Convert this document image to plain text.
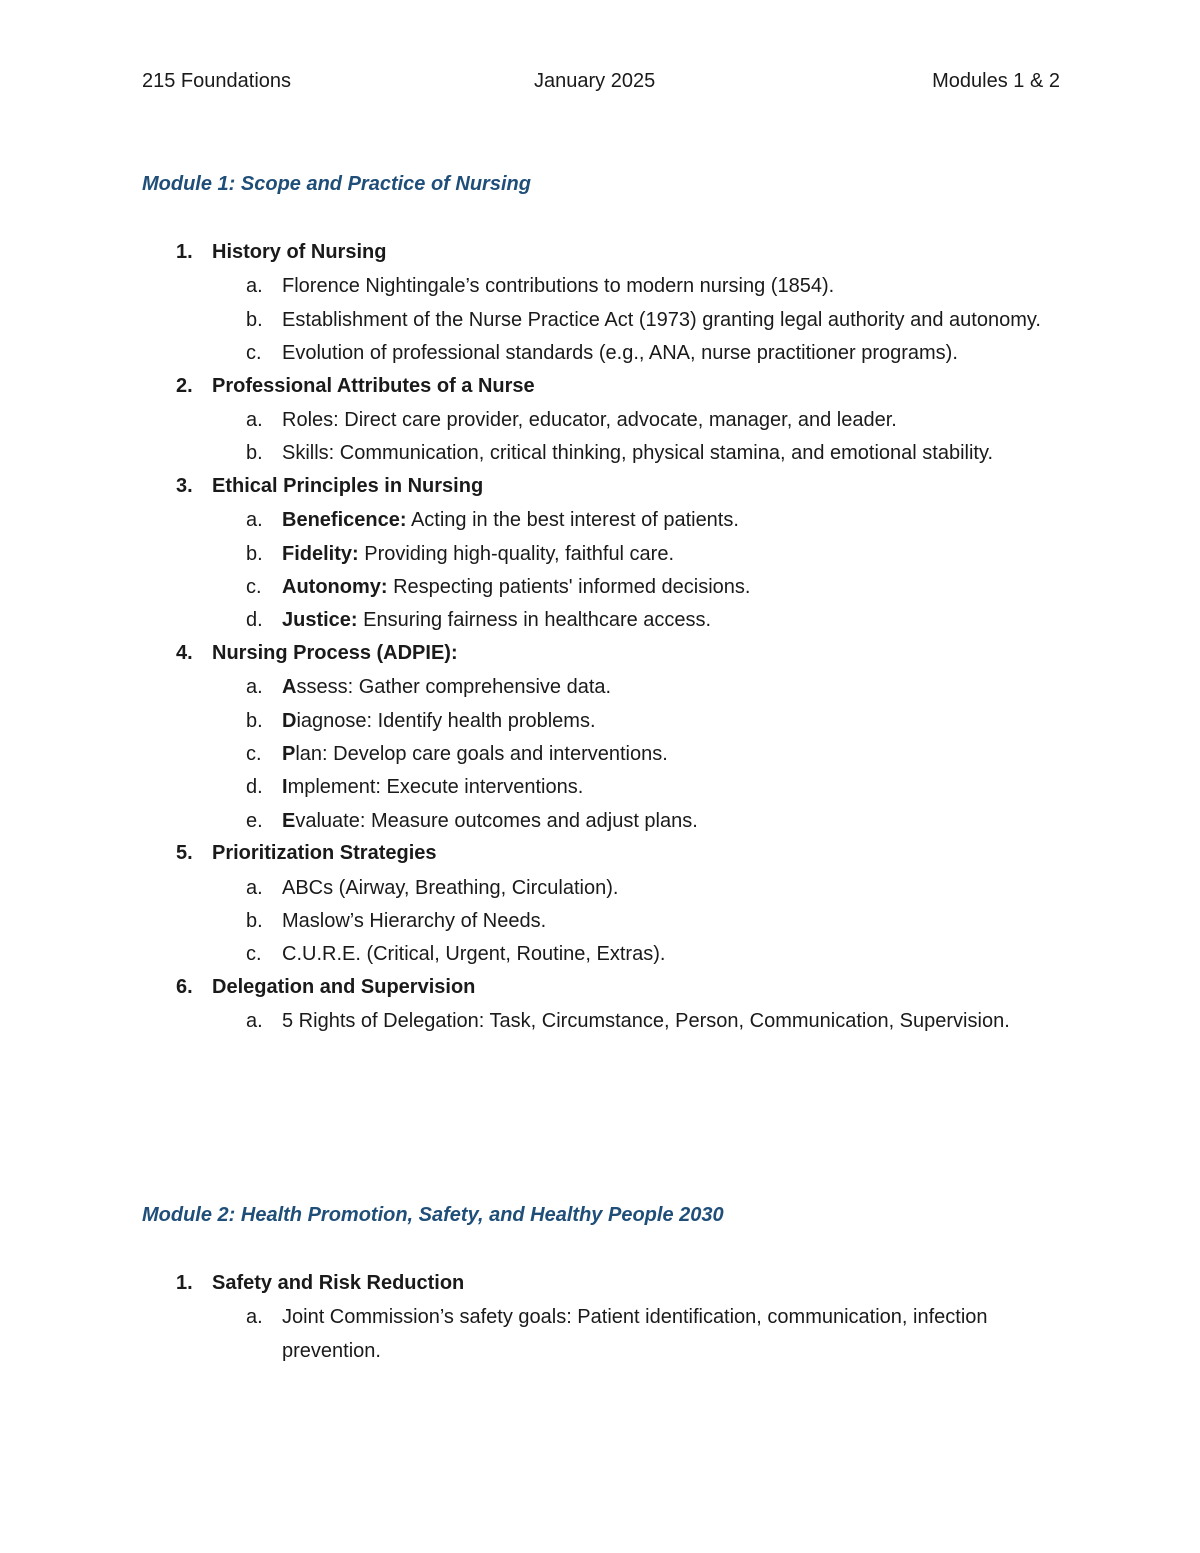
215 Foundations	January 2025	Modules 1 & 2
Module 1: Scope and Practice of Nursing
1. History of Nursing
a. Florence Nightingale’s contributions to modern nursing (1854).
b. Establishment of the Nurse Practice Act (1973) granting legal authority and autonomy.
c. Evolution of professional standards (e.g., ANA, nurse practitioner programs).
2. Professional Attributes of a Nurse
a. Roles: Direct care provider, educator, advocate, manager, and leader.
b. Skills: Communication, critical thinking, physical stamina, and emotional stability.
3. Ethical Principles in Nursing
a. Beneficence: Acting in the best interest of patients.
b. Fidelity: Providing high-quality, faithful care.
c. Autonomy: Respecting patients' informed decisions.
d. Justice: Ensuring fairness in healthcare access.
4. Nursing Process (ADPIE):
a. Assess: Gather comprehensive data.
b. Diagnose: Identify health problems.
c. Plan: Develop care goals and interventions.
d. Implement: Execute interventions.
e. Evaluate: Measure outcomes and adjust plans.
5. Prioritization Strategies
a. ABCs (Airway, Breathing, Circulation).
b. Maslow’s Hierarchy of Needs.
c. C.U.R.E. (Critical, Urgent, Routine, Extras).
6. Delegation and Supervision
a. 5 Rights of Delegation: Task, Circumstance, Person, Communication, Supervision.
Module 2: Health Promotion, Safety, and Healthy People 2030
1. Safety and Risk Reduction
a. Joint Commission’s safety goals: Patient identification, communication, infection prevention.
